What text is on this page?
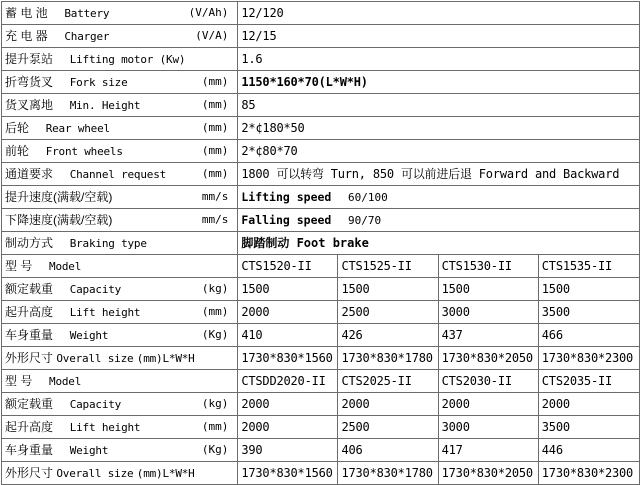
蓄 电 池 Battery (V/Ah)	12/120			
充 电 器 Charger (V/A)	12/15			
提升泵站 Lifting motor (Kw)	1.6			
折弯货叉 Fork size (mm)	1150*160*70(L*W*H)			
货叉离地 Min. Height (mm)	85			
后轮 Rear wheel (mm)	2*¢180*50			
前轮 Front wheels (mm)	2*¢80*70			
通道要求 Channel request (mm)	1800 可以转弯 Turn, 850 可以前进后退 Forward and Backward			
提升速度(满载/空载) mm/s	Lifting speed 60/100			
下降速度(满载/空载) mm/s	Falling speed 90/70			
制动方式 Braking type	脚踏制动 Foot brake			
型 号 Model	CTS1520-II	CTS1525-II	CTS1530-II	CTS1535-II
额定载重 Capacity (kg)	1500	1500	1500	1500
起升高度 Lift height (mm)	2000	2500	3000	3500
车身重量 Weight (Kg)	410	426	437	466
外形尺寸 Overall size (mm)L*W*H	1730*830*1560	1730*830*1780	1730*830*2050	1730*830*2300
型 号 Model	CTSDD2020-II	CTS2025-II	CTS2030-II	CTS2035-II
额定载重 Capacity (kg)	2000	2000	2000	2000
起升高度 Lift height (mm)	2000	2500	3000	3500
车身重量 Weight (Kg)	390	406	417	446
外形尺寸 Overall size (mm)L*W*H	1730*830*1560	1730*830*1780	1730*830*2050	1730*830*2300
